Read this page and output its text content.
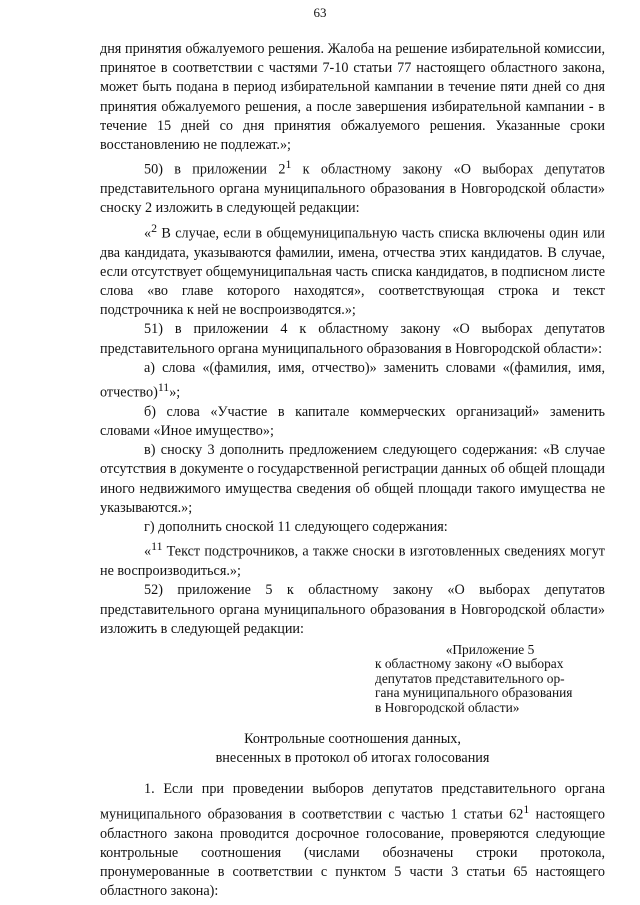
63

дня принятия обжалуемого решения. Жалоба на решение избирательной комиссии, принятое в соответствии с частями 7-10 статьи 77 настоящего областного закона, может быть подана в период избирательной кампании в течение пяти дней со дня принятия обжалуемого решения, а после завершения избирательной кампании - в течение 15 дней со дня принятия обжалуемого решения. Указанные сроки восстановлению не подлежат.»;

50) в приложении $2^1$ к областному закону «О выборах депутатов представительного органа муниципального образования в Новгородской области» сноску 2 изложить в следующей редакции:

«$^2$ В случае, если в общемуниципальную часть списка включены один или два кандидата, указываются фамилии, имена, отчества этих кандидатов. В случае, если отсутствует общемуниципальная часть списка кандидатов, в подписном листе слова «во главе которого находятся», соответствующая строка и текст подстрочника к ней не воспроизводятся.»;

51) в приложении 4 к областному закону «О выборах депутатов представительного органа муниципального образования в Новгородской области»:

а) слова «(фамилия, имя, отчество)» заменить словами «(фамилия, имя, отчество)$^{11}$»;

б) слова «Участие в капитале коммерческих организаций» заменить словами «Иное имущество»;

в) сноску 3 дополнить предложением следующего содержания: «В случае отсутствия в документе о государственной регистрации данных об общей площади иного недвижимого имущества сведения об общей площади такого имущества не указываются.»;

г) дополнить сноской 11 следующего содержания:

«$^{11}$ Текст подстрочников, а также сноски в изготовленных сведениях могут не воспроизводиться.»;

52) приложение 5 к областному закону «О выборах депутатов представительного органа муниципального образования в Новгородской области» изложить в следующей редакции:

«Приложение 5
к областному закону «О выборах
депутатов представительного ор-
гана муниципального образования
в Новгородской области»
Контрольные соотношения данных,
внесенных в протокол об итогах голосования

1. Если при проведении выборов депутатов представительного органа муниципального образования в соответствии с частью 1 статьи $62^1$ настоящего областного закона проводится досрочное голосование, проверяются следующие контрольные соотношения (числами обозначены строки протокола, пронумерованные в соответствии с пунктом 5 части 3 статьи 65 настоящего областного закона):
